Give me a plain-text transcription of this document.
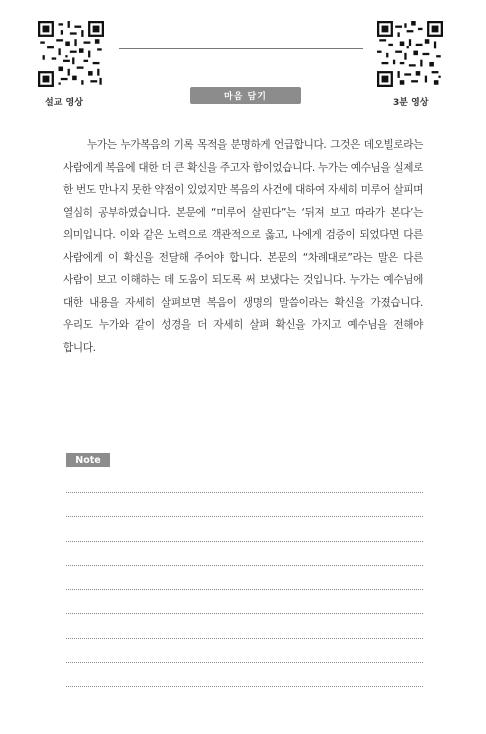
설교 영상	3분 영상
마음 담기

누가는 누가복음의 기록 목적을 분명하게 언급합니다. 그것은 데오빌로라는 사람에게 복음에 대한 더 큰 확신을 주고자 함이었습니다. 누가는 예수님을 실제로 한 번도 만나지 못한 약점이 있었지만 복음의 사건에 대하여 자세히 미루어 살피며 열심히 공부하였습니다. 본문에 “미루어 살핀다”는 ‘뒤져 보고 따라가 본다’는 의미입니다. 이와 같은 노력으로 객관적으로 옳고, 나에게 검증이 되었다면 다른 사람에게 이 확신을 전달해 주어야 합니다. 본문의 “차례대로”라는 말은 다른 사람이 보고 이해하는 데 도움이 되도록 써 보냈다는 것입니다. 누가는 예수님에 대한 내용을 자세히 살펴보면 복음이 생명의 말씀이라는 확신을 가졌습니다. 우리도 누가와 같이 성경을 더 자세히 살펴 확신을 가지고 예수님을 전해야 합니다.

Note
